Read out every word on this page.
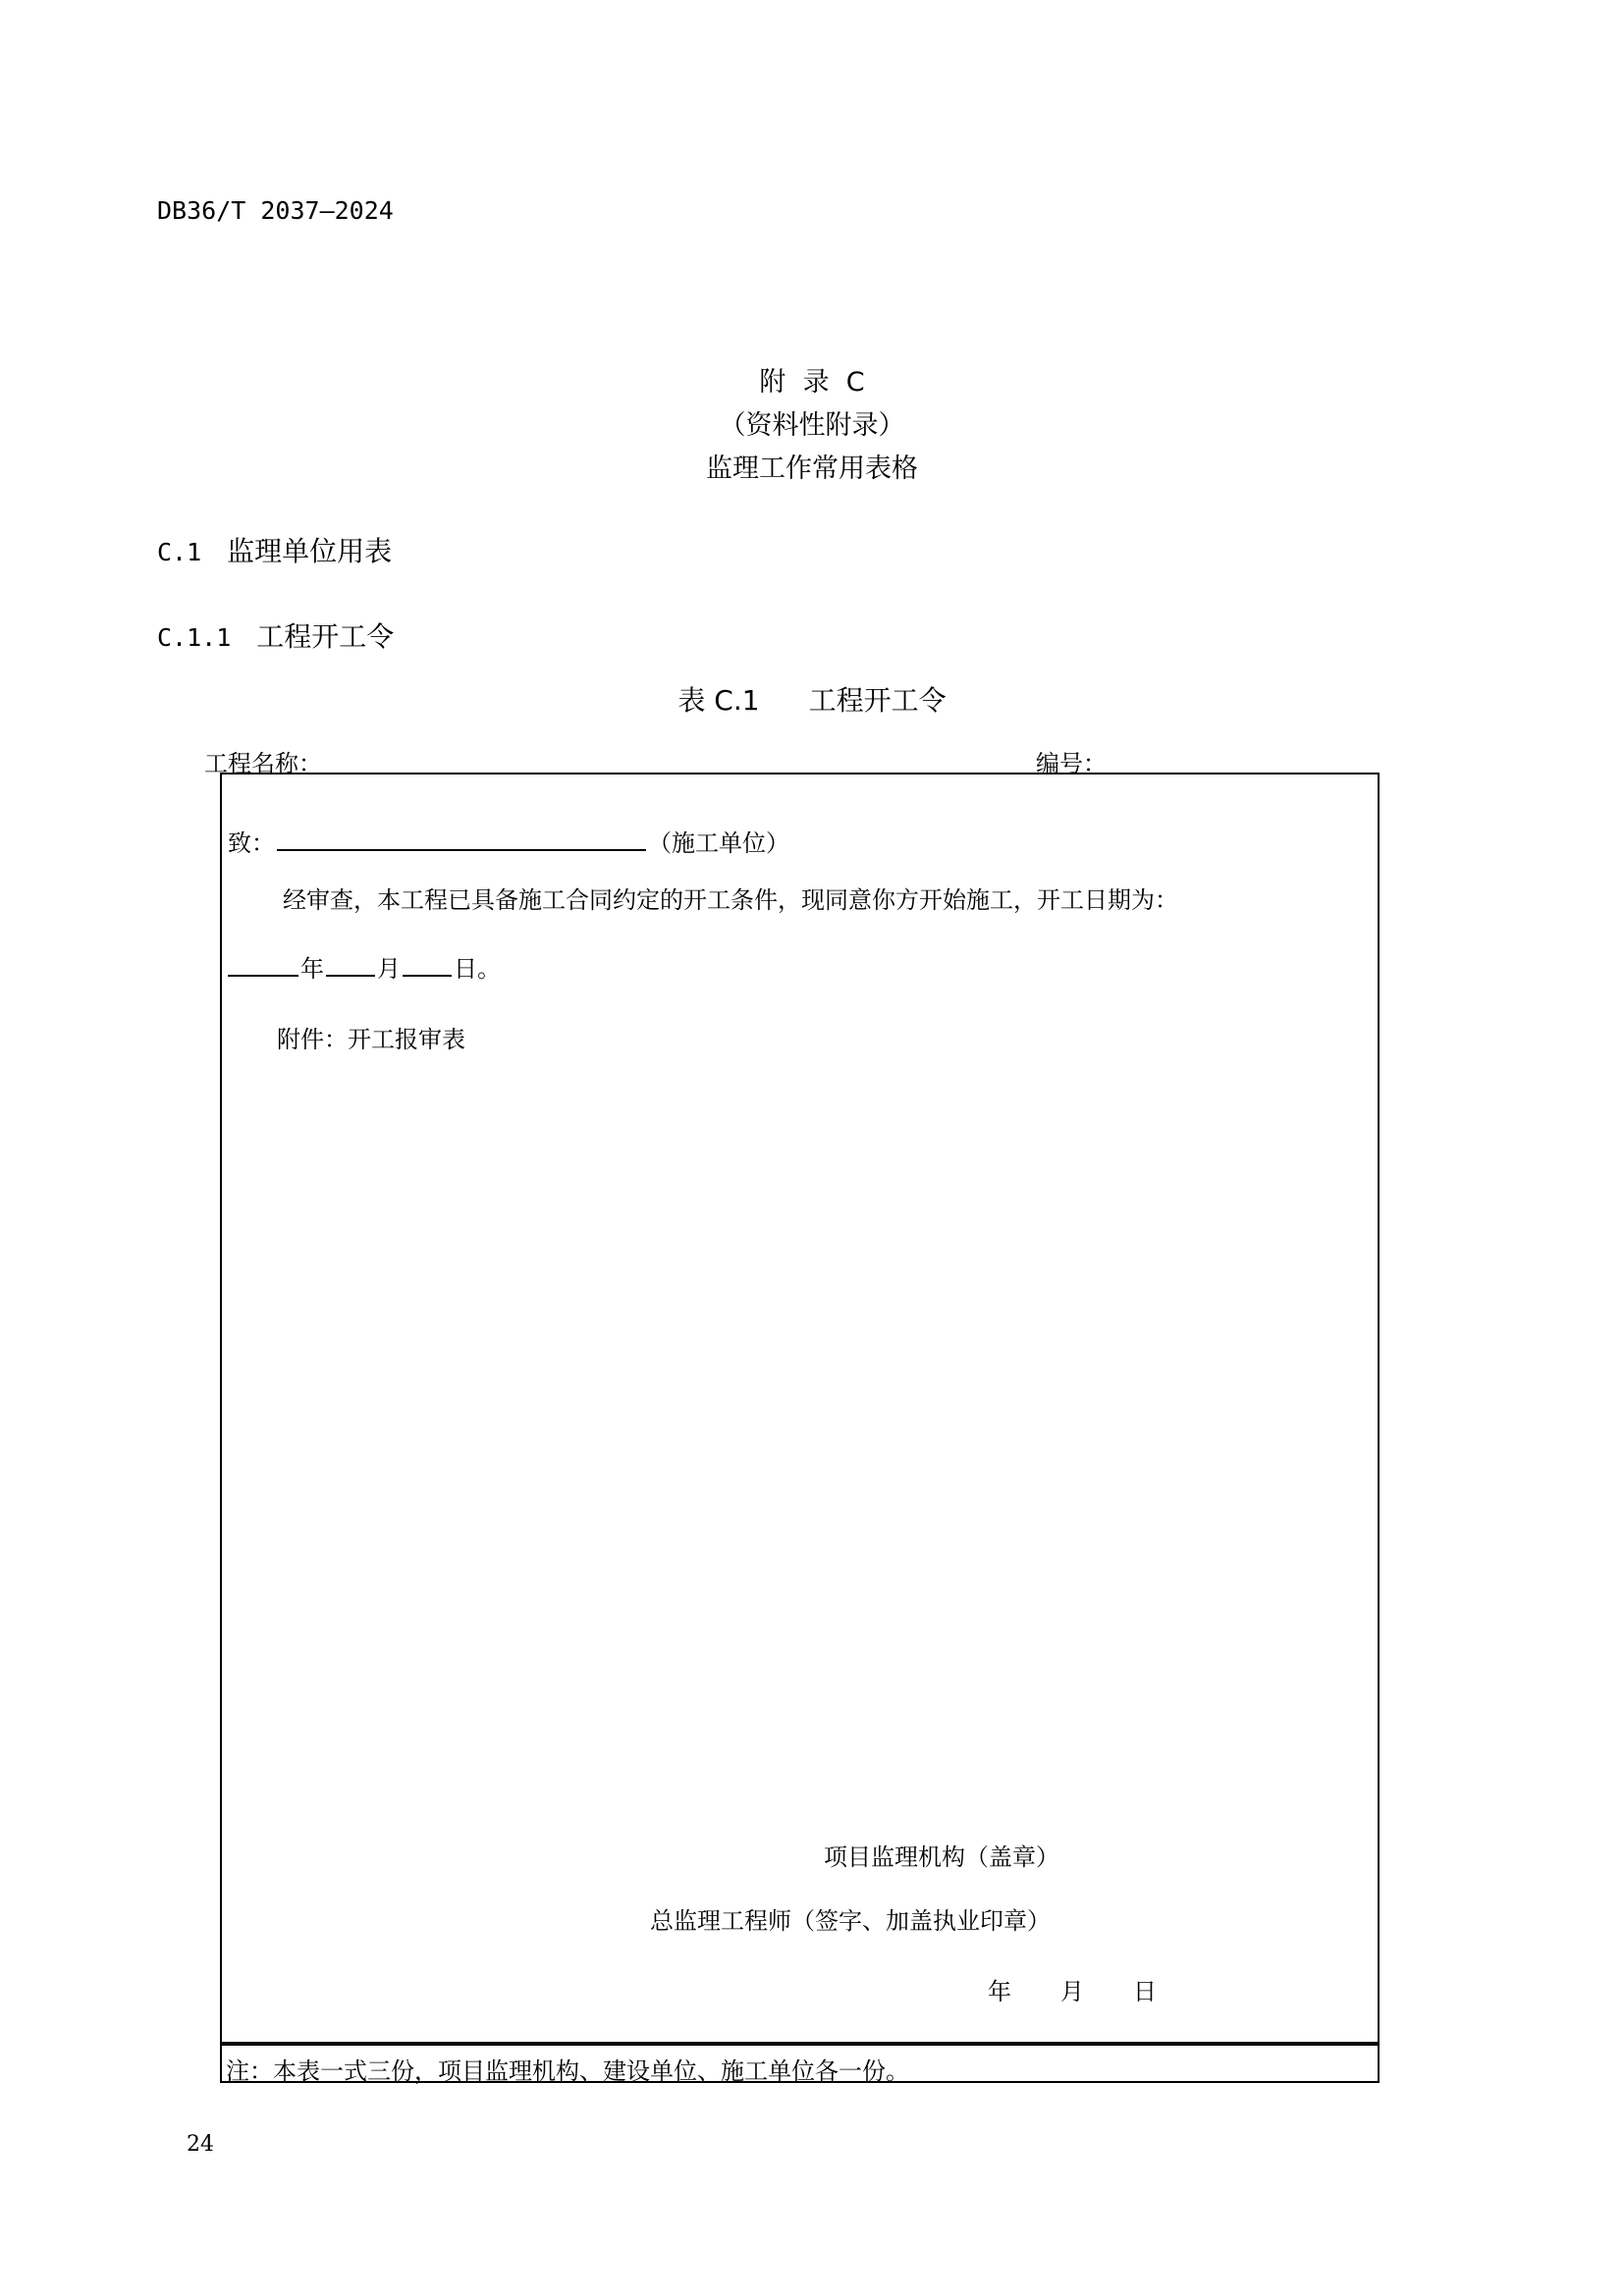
DB36/T 2037—2024
附  录  C
（资料性附录）
监理工作常用表格
C.1 监理单位用表
C.1.1 工程开工令
表 C.1 工程开工令
工程名称：	编号：
致：	（施工单位）
经审查，本工程已具备施工合同约定的开工条件，现同意你方开始施工，开工日期为：
年 月 日。
附件：开工报审表
项目监理机构（盖章）
总监理工程师（签字、加盖执业印章）
年 月 日
注：本表一式三份，项目监理机构、建设单位、施工单位各一份。
24
